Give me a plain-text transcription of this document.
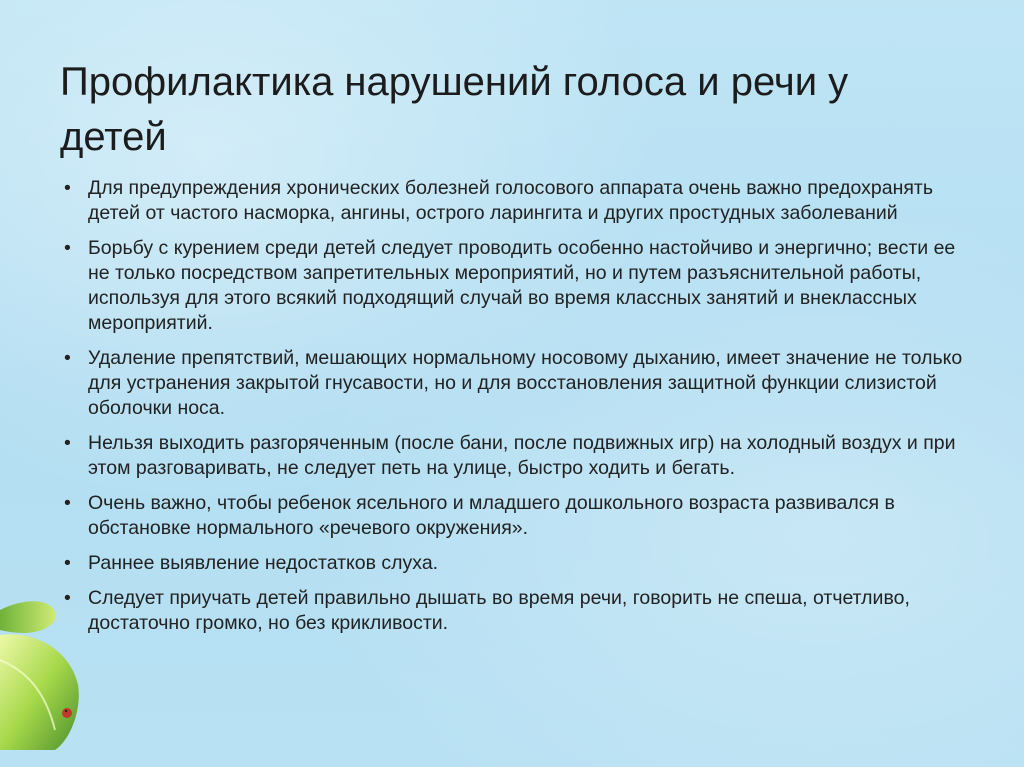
Профилактика нарушений голоса и речи у детей
• Для предупреждения хронических болезней голосового аппарата очень важно предохранять детей от частого насморка, ангины, острого ларингита и других простудных заболеваний
• Борьбу с курением среди детей следует проводить особенно настойчиво и энергично; вести ее не только посредством запретительных мероприятий, но и путем разъяснительной работы, используя для этого всякий подходящий случай во время классных занятий и внеклассных мероприятий.
• Удаление препятствий, мешающих нормальному носовому дыханию, имеет значение не только для устранения закрытой гнусавости, но и для восстановления защитной функции слизистой оболочки носа.
• Нельзя выходить разгоряченным (после бани, после подвижных игр) на холодный воздух и при этом разговаривать, не следует петь на улице, быстро ходить и бегать.
• Очень важно, чтобы ребенок ясельного и младшего дошкольного возраста развивался в обстановке нормального «речевого окружения».
• Раннее выявление недостатков слуха.
• Следует приучать детей правильно дышать во время речи, говорить не спеша, отчетливо, достаточно громко, но без крикливости.
